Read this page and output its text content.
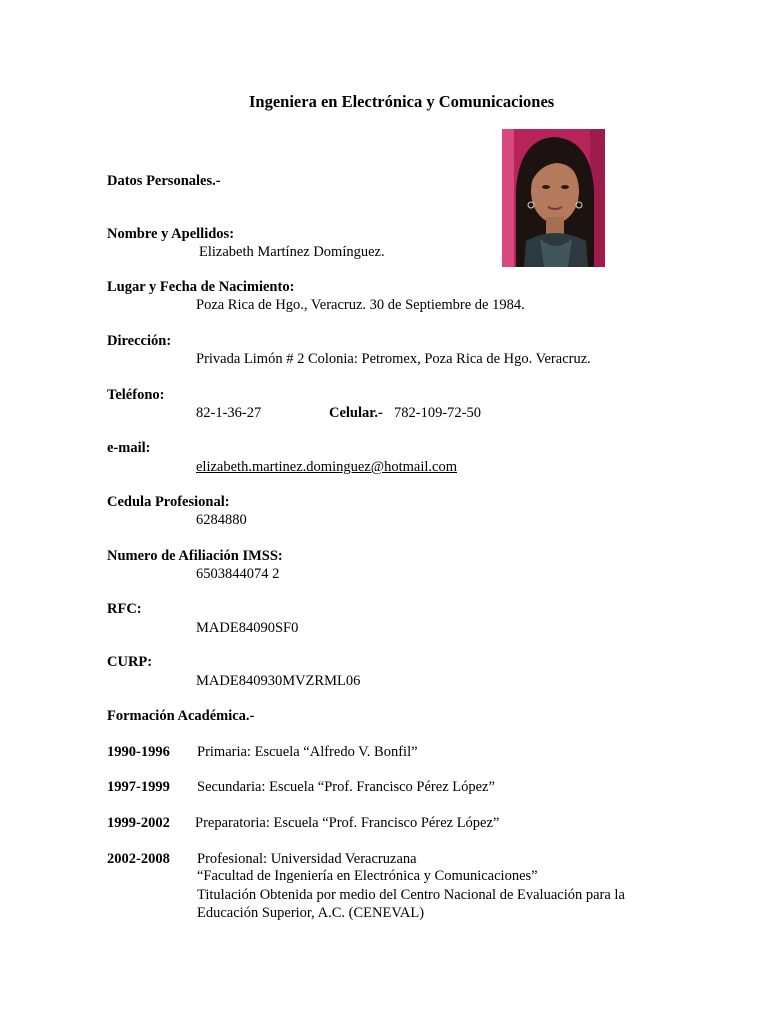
Ingeniera en Electrónica y Comunicaciones
Datos Personales.-
Nombre y Apellidos:
Elizabeth Martínez Domínguez.
Lugar y Fecha de Nacimiento:
Poza Rica de Hgo., Veracruz. 30 de Septiembre de 1984.
Dirección:
Privada Limón # 2 Colonia: Petromex, Poza Rica de Hgo. Veracruz.
Teléfono:
82-1-36-27	Celular.- 782-109-72-50
e-mail:
elizabeth.martinez.dominguez@hotmail.com
Cedula Profesional:
6284880
Numero de Afiliación IMSS:
6503844074 2
RFC:
MADE84090SF0
CURP:
MADE840930MVZRML06
Formación Académica.-
1990-1996 Primaria: Escuela “Alfredo V. Bonfil”
1997-1999 Secundaria: Escuela “Prof. Francisco Pérez López”
1999-2002 Preparatoria: Escuela “Prof. Francisco Pérez López”
2002-2008 Profesional: Universidad Veracruzana
“Facultad de Ingeniería en Electrónica y Comunicaciones”
Titulación Obtenida por medio del Centro Nacional de Evaluación para la
Educación Superior, A.C. (CENEVAL)
